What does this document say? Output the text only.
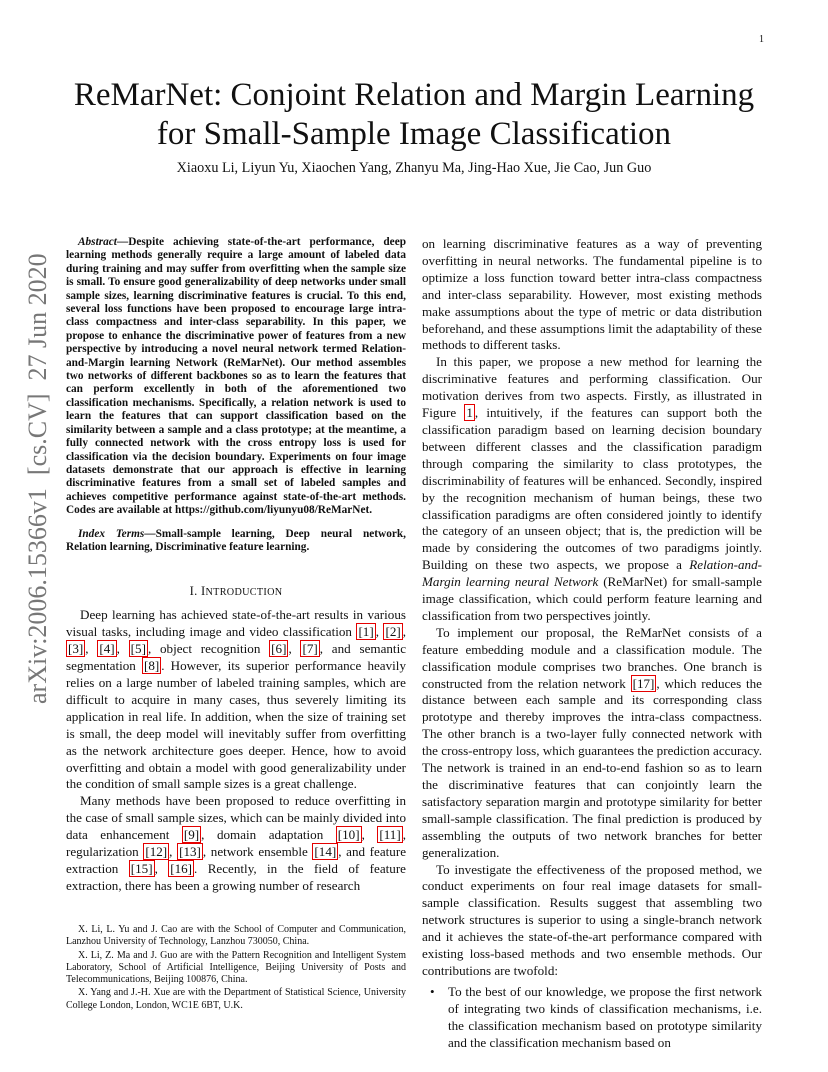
1
arXiv:2006.15366v1  [cs.CV]  27 Jun 2020
ReMarNet: Conjoint Relation and Margin Learning
for Small-Sample Image Classification
Xiaoxu Li, Liyun Yu, Xiaochen Yang, Zhanyu Ma, Jing-Hao Xue, Jie Cao, Jun Guo

Abstract—Despite achieving state-of-the-art performance, deep learning methods generally require a large amount of labeled data during training and may suffer from overfitting when the sample size is small. To ensure good generalizability of deep networks under small sample sizes, learning discriminative features is crucial. To this end, several loss functions have been proposed to encourage large intra-class compactness and inter-class separability. In this paper, we propose to enhance the discriminative power of features from a new perspective by introducing a novel neural network termed Relation-and-Margin learning Network (ReMarNet). Our method assembles two networks of different backbones so as to learn the features that can perform excellently in both of the aforementioned two classification mechanisms. Specifically, a relation network is used to learn the features that can support classification based on the similarity between a sample and a class prototype; at the meantime, a fully connected network with the cross entropy loss is used for classification via the decision boundary. Experiments on four image datasets demonstrate that our approach is effective in learning discriminative features from a small set of labeled samples and achieves competitive performance against state-of-the-art methods. Codes are available at https://github.com/liyunyu08/ReMarNet.

Index Terms—Small-sample learning, Deep neural network, Relation learning, Discriminative feature learning.

I. INTRODUCTION

Deep learning has achieved state-of-the-art results in various visual tasks, including image and video classification [1] , [2] , [3] , [4] , [5] , object recognition [6] , [7] , and semantic segmentation [8] . However, its superior performance heavily relies on a large number of labeled training samples, which are difficult to acquire in many cases, thus severely limiting its application in real life. In addition, when the size of training set is small, the deep model will inevitably suffer from overfitting as the network architecture goes deeper. Hence, how to avoid overfitting and obtain a model with good generalizability under the condition of small sample sizes is a great challenge.

Many methods have been proposed to reduce overfitting in the case of small sample sizes, which can be mainly divided into data enhancement [9] , domain adaptation [10] , [11] , regularization [12] , [13] , network ensemble [14] , and feature extraction [15] , [16] . Recently, in the field of feature extraction, there has been a growing number of research

X. Li, L. Yu and J. Cao are with the School of Computer and Communication, Lanzhou University of Technology, Lanzhou 730050, China.

X. Li, Z. Ma and J. Guo are with the Pattern Recognition and Intelligent System Laboratory, School of Artificial Intelligence, Beijing University of Posts and Telecommunications, Beijing 100876, China.

X. Yang and J.-H. Xue are with the Department of Statistical Science, University College London, London, WC1E 6BT, U.K.

on learning discriminative features as a way of preventing overfitting in neural networks. The fundamental pipeline is to optimize a loss function toward better intra-class compactness and inter-class separability. However, most existing methods make assumptions about the type of metric or data distribution beforehand, and these assumptions limit the adaptability of these methods to different tasks.

In this paper, we propose a new method for learning the discriminative features and performing classification. Our motivation derives from two aspects. Firstly, as illustrated in Figure 1 , intuitively, if the features can support both the classification paradigm based on learning decision boundary between different classes and the classification paradigm through comparing the similarity to class prototypes, the discriminability of features will be enhanced. Secondly, inspired by the recognition mechanism of human beings, these two classification paradigms are often considered jointly to identify the category of an unseen object; that is, the prediction will be made by considering the outcomes of two paradigms jointly. Building on these two aspects, we propose a Relation-and-Margin learning neural Network (ReMarNet) for small-sample image classification, which could perform feature learning and classification from two perspectives jointly.

To implement our proposal, the ReMarNet consists of a feature embedding module and a classification module. The classification module comprises two branches. One branch is constructed from the relation network [17] , which reduces the distance between each sample and its corresponding class prototype and thereby improves the intra-class compactness. The other branch is a two-layer fully connected network with the cross-entropy loss, which guarantees the prediction accuracy. The network is trained in an end-to-end fashion so as to learn the discriminative features that can conjointly learn the satisfactory separation margin and prototype similarity for better small-sample classification. The final prediction is produced by assembling the outputs of two network branches for better generalization.

To investigate the effectiveness of the proposed method, we conduct experiments on four real image datasets for small-sample classification. Results suggest that assembling two network structures is superior to using a single-branch network and it achieves the state-of-the-art performance compared with existing loss-based methods and two ensemble methods. Our contributions are twofold:

• To the best of our knowledge, we propose the first network of integrating two kinds of classification mechanisms, i.e. the classification mechanism based on prototype similarity and the classification mechanism based on
